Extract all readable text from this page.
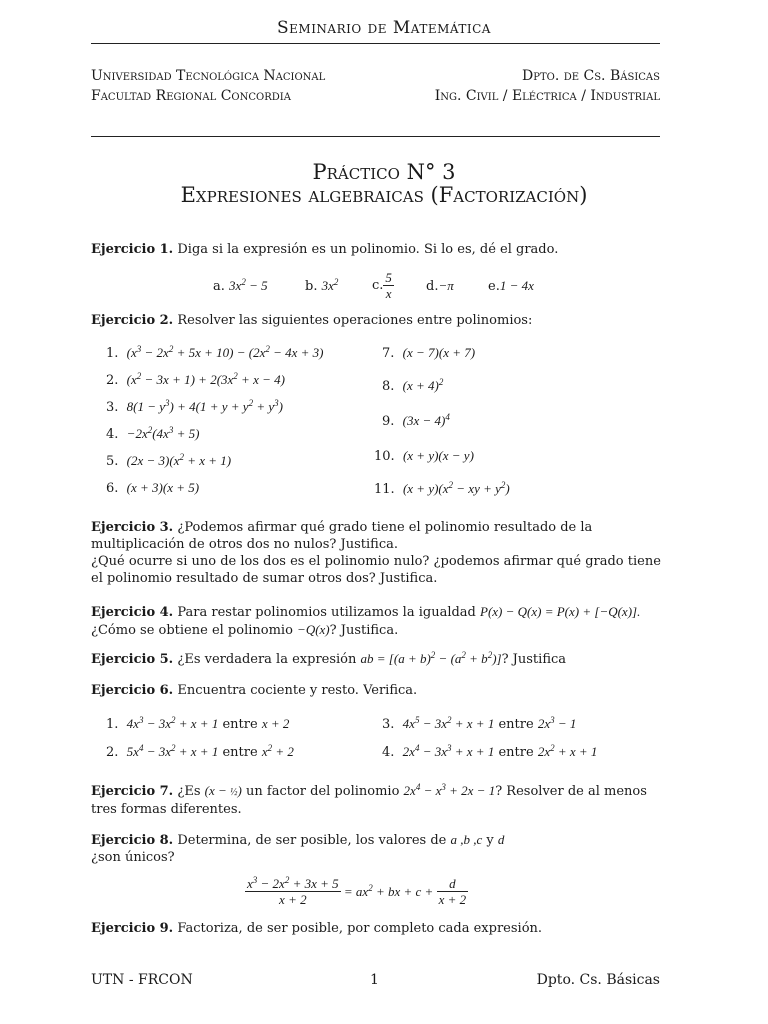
Seminario de Matemática
Universidad Tecnológica Nacional
Facultad Regional Concordia
Dpto. de Cs. Básicas
Ing. Civil / Eléctrica / Industrial
Práctico N° 3
Expresiones algebraicas (Factorización)
Ejercicio 1. Diga si la expresión es un polinomio. Si lo es, dé el grado.
a. $3x^2 - 5$	b. $3x^2$	c. $\frac{5}{x} d.-\pi$	e.1 − 4x
Ejercicio 2. Resolver las siguientes operaciones entre polinomios:
1.  $(x^3 - 2x^2 + 5x + 10) - (2x^2 - 4x + 3)$
2.  $(x^2 - 3x + 1) + 2(3x^2 + x - 4)$
3.  $8(1 - y^3) + 4(1 + y + y^2 + y^3)$
4.  $-2x^2(4x^3 + 5)$
5.  $(2x - 3)(x^2 + x + 1)$
6.  (x + 3)(x + 5)
7.  (x − 7)(x + 7)
8.  $(x + 4)^2$
9.  $(3x - 4)^4$
10.  (x + y)(x − y)
11.  $(x + y)(x^2$ − xy + $y^2$)
Ejercicio 3. ¿Podemos afirmar qué grado tiene el polinomio resultado de la multiplicación de otros dos no nulos? Justifica.
¿Qué ocurre si uno de los dos es el polinomio nulo? ¿podemos afirmar qué grado tiene el polinomio resultado de sumar otros dos? Justifica.
Ejercicio 4. Para restar polinomios utilizamos la igualdad P(x) − Q(x) = P(x) + [−Q(x)].
¿Cómo se obtiene el polinomio −Q(x)? Justifica.
Ejercicio 5. ¿Es verdadera la expresión ab = $[(a + b)^2 - (a^2 + b^2)]$? Justifica
Ejercicio 6. Encuentra cociente y resto. Verifica.
1.  $4x^3 - 3x^2 + x + 1$ entre x + 2
2.  $5x^4 - 3x^2 + x + 1$ entre $x^2 + 2$
3.  $4x^5 - 3x^2 + x + 1$ entre $2x^3 - 1$
4.  $2x^4 - 3x^3 + x + 1$ entre $2x^2 + x + 1$
Ejercicio 7. ¿Es (x − ½) un factor del polinomio $2x^4 - x^3 + 2x - 1$? Resolver de al menos tres formas diferentes.
Ejercicio 8. Determina, de ser posible, los valores de a ,b ,c y d
¿son únicos?
$\frac{x^3 - 2x^2 + 3x + 5}{x + 2} = ax^2$ + bx + $c + \frac{d}{x + 2}$
Ejercicio 9. Factoriza, de ser posible, por completo cada expresión.
UTN - FRCON	1	Dpto. Cs. Básicas
